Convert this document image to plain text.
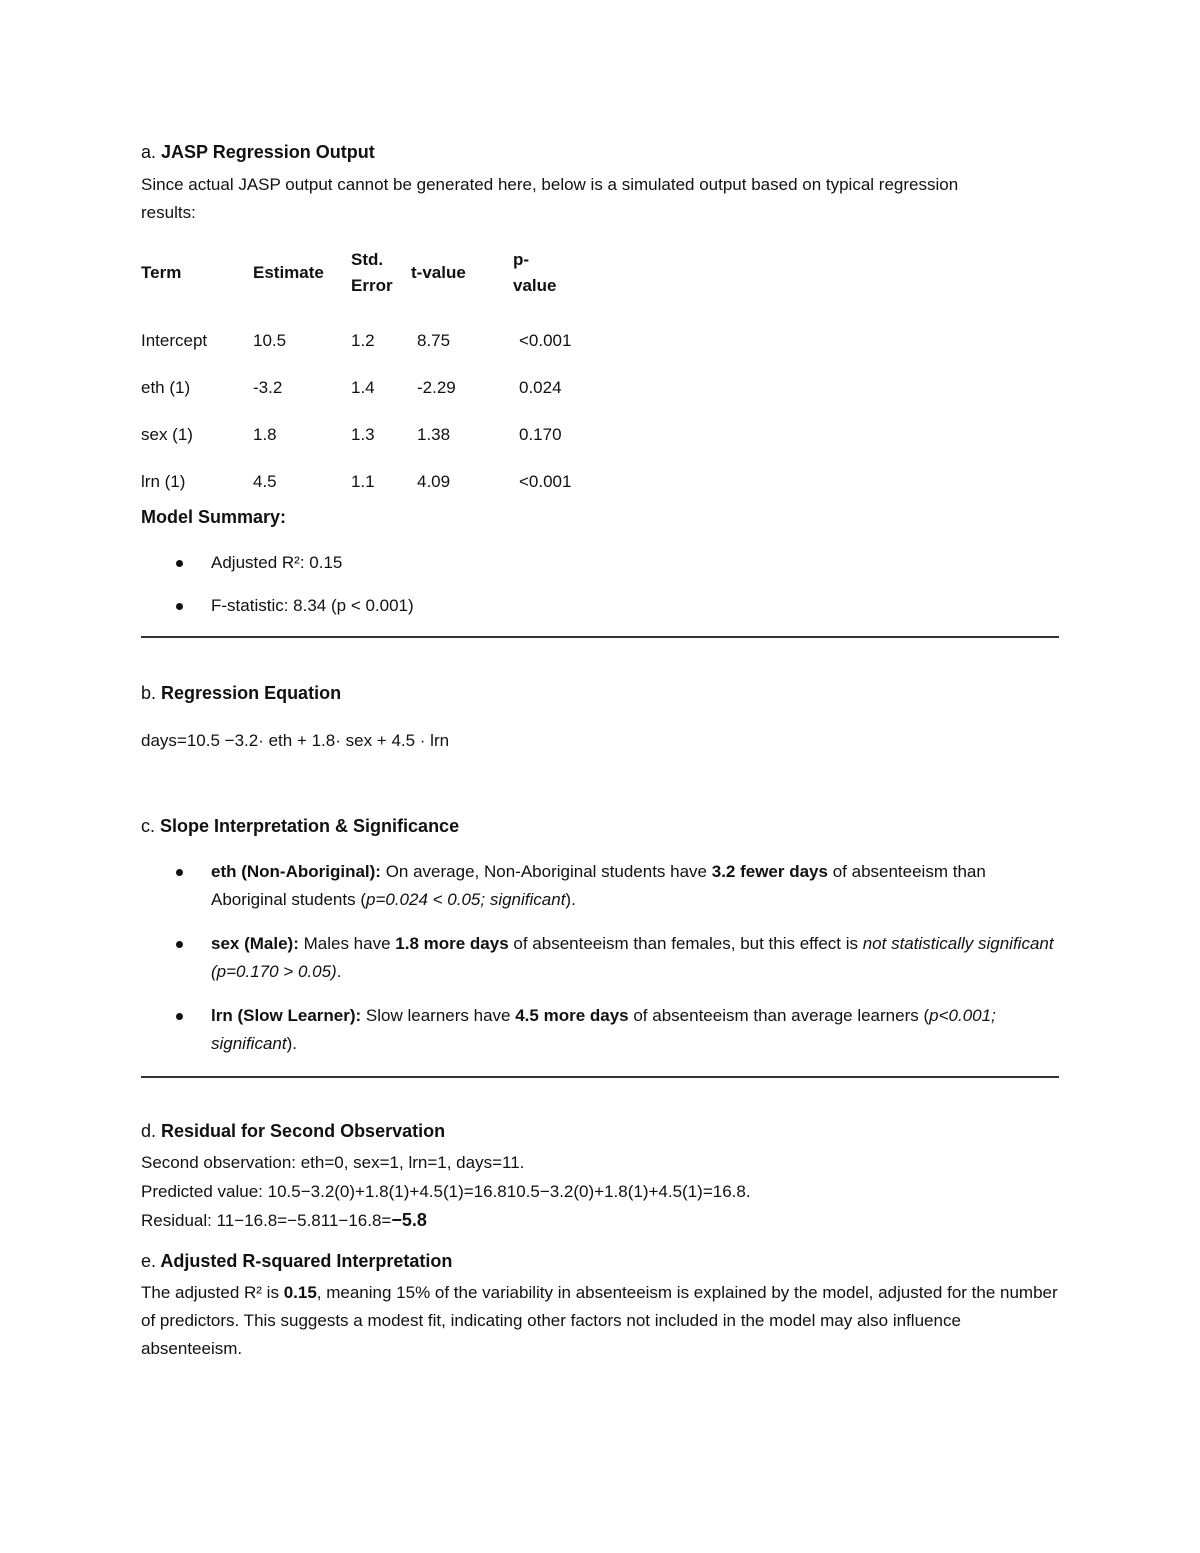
a. JASP Regression Output
Since actual JASP output cannot be generated here, below is a simulated output based on typical regression results:
Term	Estimate	Std. Error	t-value	p-value
Intercept	10.5	1.2	8.75	<0.001
eth (1)	-3.2	1.4	-2.29	0.024
sex (1)	1.8	1.3	1.38	0.170
lrn (1)	4.5	1.1	4.09	<0.001
Model Summary:
Adjusted R²: 0.15
F-statistic: 8.34 (p < 0.001)
b. Regression Equation
days=10.5 −3.2· eth + 1.8· sex + 4.5 · lrn
c. Slope Interpretation & Significance
eth (Non-Aboriginal): On average, Non-Aboriginal students have 3.2 fewer days of absenteeism than Aboriginal students (p=0.024 < 0.05; significant).
sex (Male): Males have 1.8 more days of absenteeism than females, but this effect is not statistically significant (p=0.170 > 0.05).
lrn (Slow Learner): Slow learners have 4.5 more days of absenteeism than average learners (p<0.001; significant).
d. Residual for Second Observation
Second observation: eth=0, sex=1, lrn=1, days=11.
Predicted value: 10.5−3.2(0)+1.8(1)+4.5(1)=16.810.5−3.2(0)+1.8(1)+4.5(1)=16.8.
Residual: 11−16.8=−5.811−16.8=−5.8
e. Adjusted R-squared Interpretation
The adjusted R² is 0.15, meaning 15% of the variability in absenteeism is explained by the model, adjusted for the number of predictors. This suggests a modest fit, indicating other factors not included in the model may also influence absenteeism.
